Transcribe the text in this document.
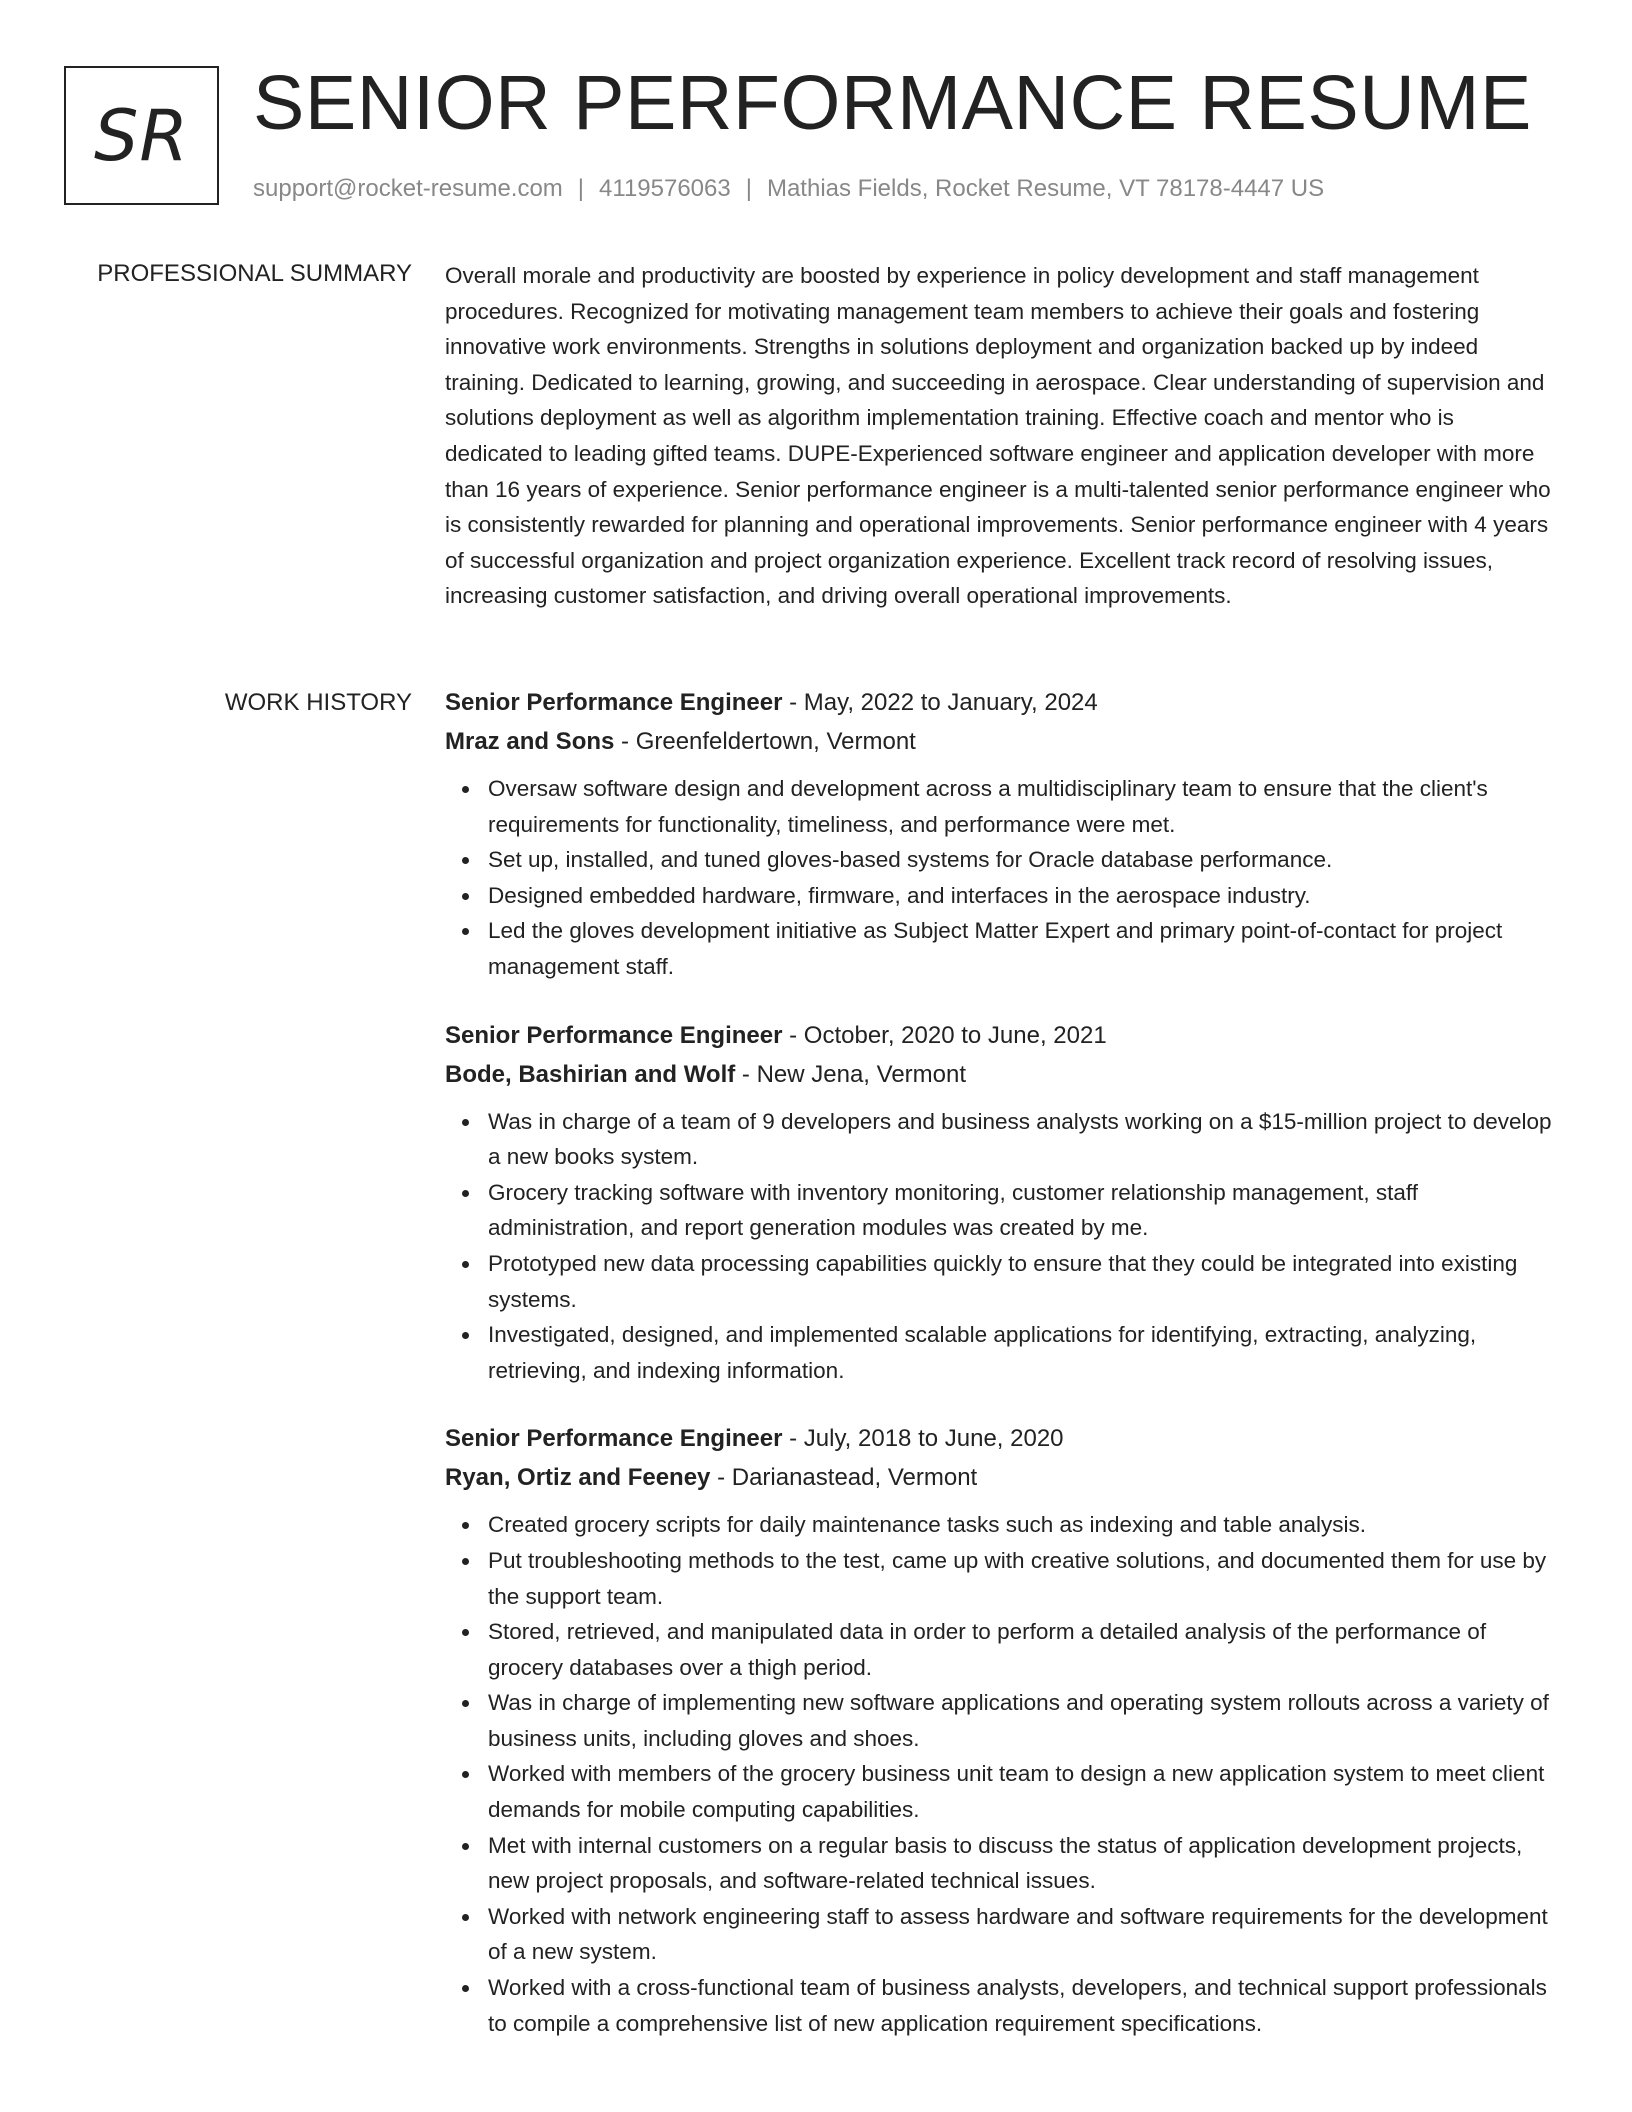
SR SENIOR PERFORMANCE RESUME
support@rocket-resume.com | 4119576063 | Mathias Fields, Rocket Resume, VT 78178-4447 US
PROFESSIONAL SUMMARY Overall morale and productivity are boosted by experience in policy development and staff management procedures. Recognized for motivating management team members to achieve their goals and fostering innovative work environments. Strengths in solutions deployment and organization backed up by indeed training. Dedicated to learning, growing, and succeeding in aerospace. Clear understanding of supervision and solutions deployment as well as algorithm implementation training. Effective coach and mentor who is dedicated to leading gifted teams. DUPE-Experienced software engineer and application developer with more than 16 years of experience. Senior performance engineer is a multi-talented senior performance engineer who is consistently rewarded for planning and operational improvements. Senior performance engineer with 4 years of successful organization and project organization experience. Excellent track record of resolving issues, increasing customer satisfaction, and driving overall operational improvements.

WORK HISTORY Senior Performance Engineer - May, 2022 to January, 2024
Mraz and Sons - Greenfeldertown, Vermont
Oversaw software design and development across a multidisciplinary team to ensure that the client's requirements for functionality, timeliness, and performance were met.
Set up, installed, and tuned gloves-based systems for Oracle database performance.
Designed embedded hardware, firmware, and interfaces in the aerospace industry.
Led the gloves development initiative as Subject Matter Expert and primary point-of-contact for project management staff.
Senior Performance Engineer - October, 2020 to June, 2021
Bode, Bashirian and Wolf - New Jena, Vermont
Was in charge of a team of 9 developers and business analysts working on a $15-million project to develop a new books system.
Grocery tracking software with inventory monitoring, customer relationship management, staff administration, and report generation modules was created by me.
Prototyped new data processing capabilities quickly to ensure that they could be integrated into existing systems.
Investigated, designed, and implemented scalable applications for identifying, extracting, analyzing, retrieving, and indexing information.
Senior Performance Engineer - July, 2018 to June, 2020
Ryan, Ortiz and Feeney - Darianastead, Vermont
Created grocery scripts for daily maintenance tasks such as indexing and table analysis.
Put troubleshooting methods to the test, came up with creative solutions, and documented them for use by the support team.
Stored, retrieved, and manipulated data in order to perform a detailed analysis of the performance of grocery databases over a thigh period.
Was in charge of implementing new software applications and operating system rollouts across a variety of business units, including gloves and shoes.
Worked with members of the grocery business unit team to design a new application system to meet client demands for mobile computing capabilities.
Met with internal customers on a regular basis to discuss the status of application development projects, new project proposals, and software-related technical issues.
Worked with network engineering staff to assess hardware and software requirements for the development of a new system.
Worked with a cross-functional team of business analysts, developers, and technical support professionals to compile a comprehensive list of new application requirement specifications.
